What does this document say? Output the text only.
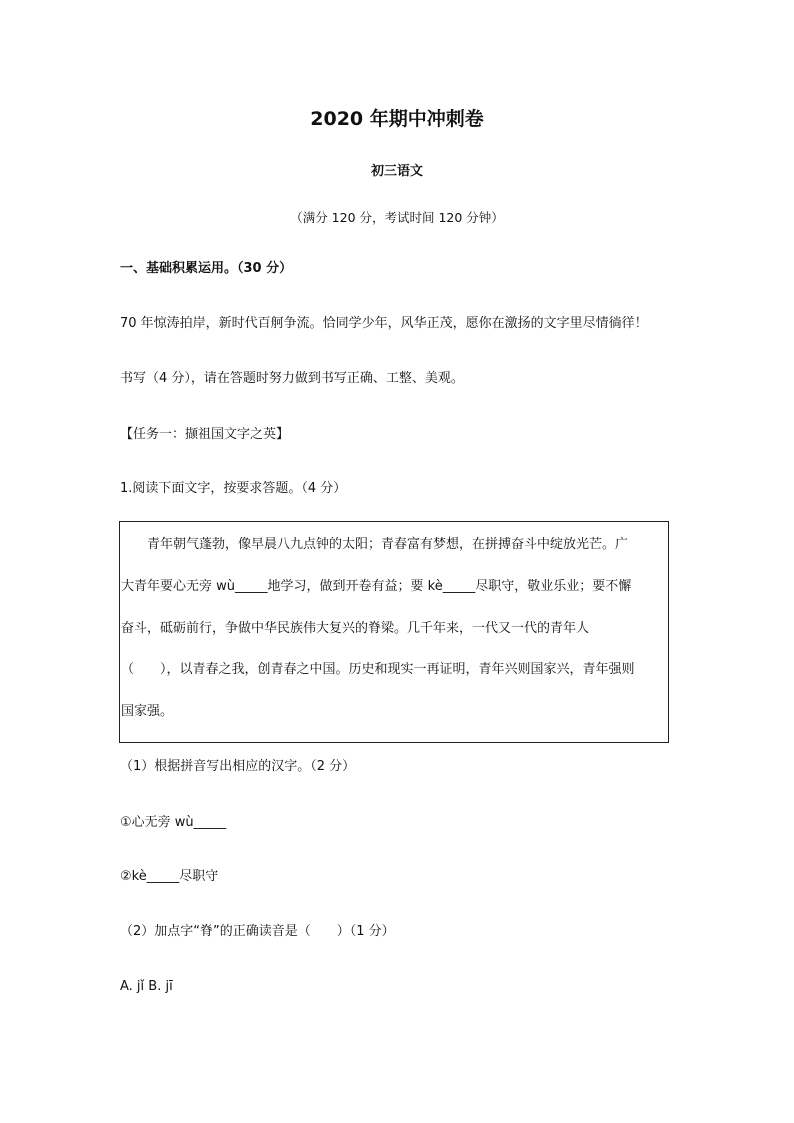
2020 年期中冲刺卷
初三语文
（满分 120 分，考试时间 120 分钟）
一、基础积累运用。（30 分）
70 年惊涛拍岸，新时代百舸争流。恰同学少年，风华正茂，愿你在激扬的文字里尽情徜徉！
书写（4 分），请在答题时努力做到书写正确、工整、美观。
【任务一：撷祖国文字之英】
1.阅读下面文字，按要求答题。（4 分）
　　青年朝气蓬勃，像早晨八九点钟的太阳；青春富有梦想，在拼搏奋斗中绽放光芒。广
大青年要心无旁 wù_____地学习，做到开卷有益；要 kè_____尽职守，敬业乐业；要不懈
奋斗，砥砺前行，争做中华民族伟大复兴的脊梁。几千年来，一代又一代的青年人
（　　），以青春之我，创青春之中国。历史和现实一再证明，青年兴则国家兴，青年强则
国家强。
（1）根据拼音写出相应的汉字。（2 分）
①心无旁 wù_____
②kè_____尽职守
（2）加点字“脊”的正确读音是（　　）（1 分）
A. jǐ B. jī
